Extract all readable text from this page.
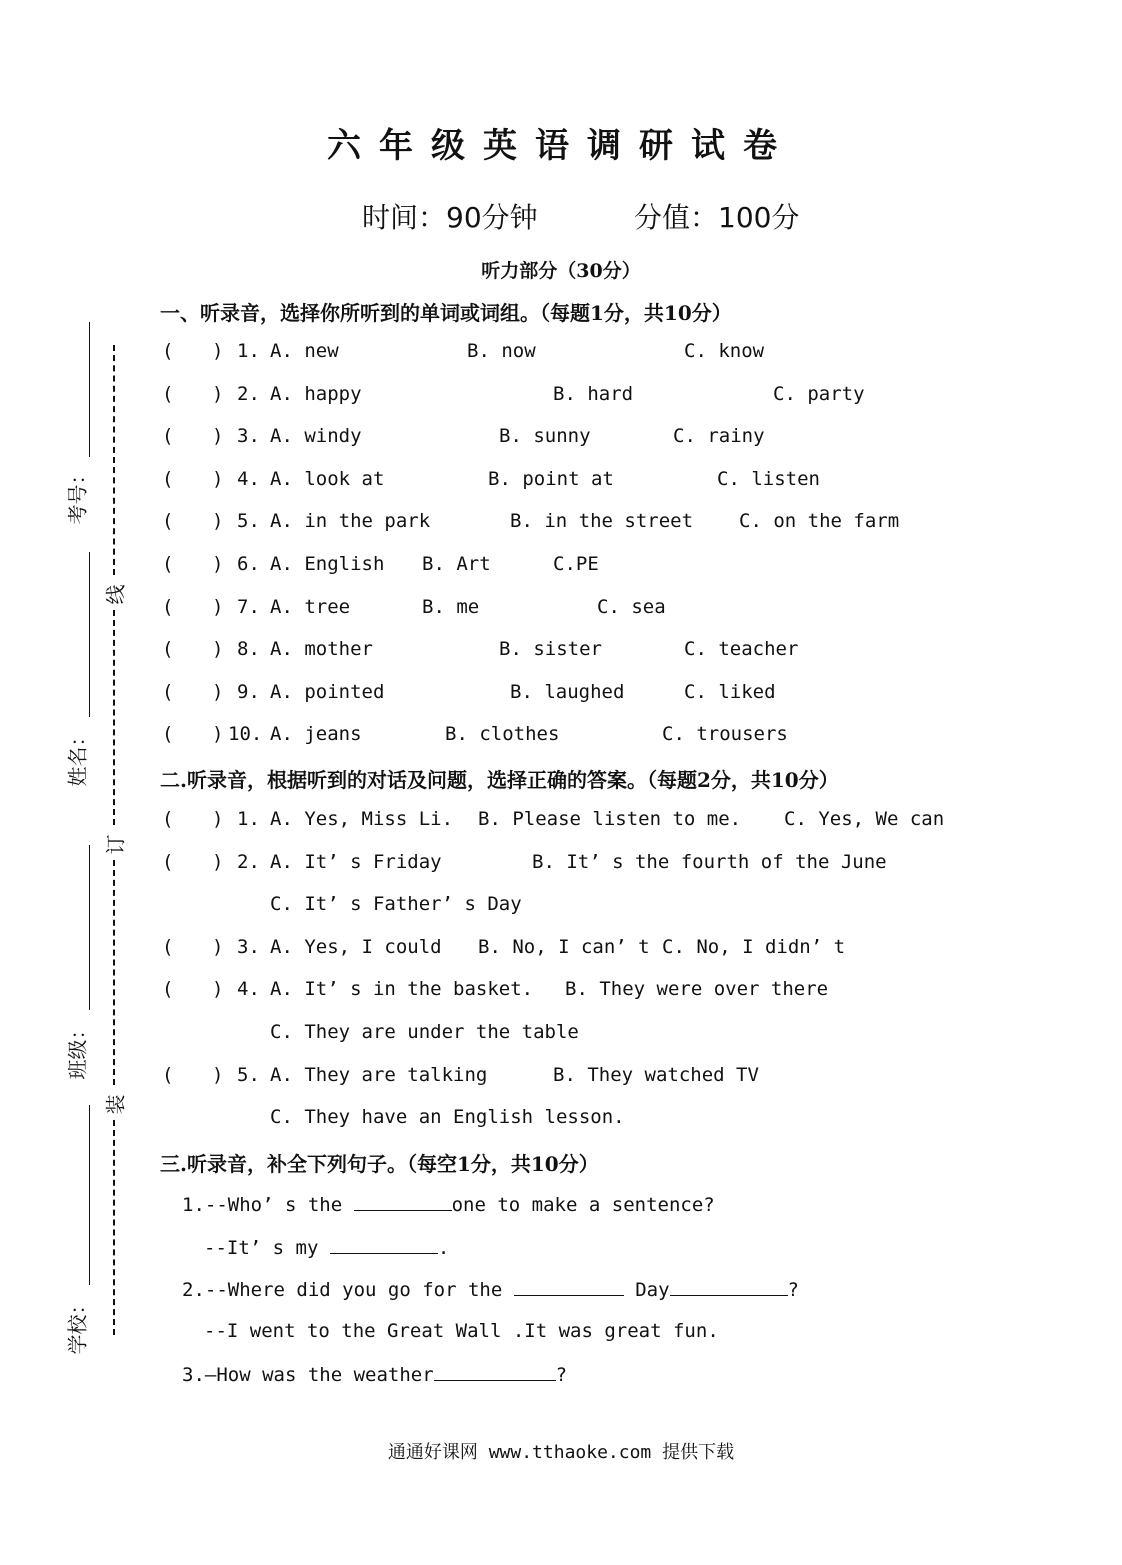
六年级英语调研试卷
时间：90分钟	分值：100分
听力部分（30分）
一、听录音，选择你所听到的单词或词组。（每题1分，共10分）
( ) 1. A. new	B. now	C. know
( ) 2. A. happy	B. hard	C. party
( ) 3. A. windy	B. sunny	C. rainy
( ) 4. A. look at	B. point at	C. listen
( ) 5. A. in the park	B. in the street C. on the farm
( ) 6. A. English B. Art	C.PE
( ) 7. A. tree	B. me	C. sea
( ) 8. A. mother	B. sister	C. teacher
( ) 9. A. pointed	B. laughed	C. liked
( ) 10. A. jeans	B. clothes	C. trousers
二.听录音，根据听到的对话及问题，选择正确的答案。（每题2分，共10分）
( ) 1. A. Yes, Miss Li. B. Please listen to me. C. Yes, We can
( ) 2. A. It’ s Friday	B. It’ s the fourth of the June
C. It’ s Father’ s Day
( ) 3. A. Yes, I could B. No, I can’ t C. No, I didn’ t
( ) 4. A. It’ s in the basket. B. They were over there
C. They are under the table
( ) 5. A. They are talking	B. They watched TV
C. They have an English lesson.
三.听录音，补全下列句子。（每空1分，共10分）
1.--Who’ s the	one to make a sentence?
--It’ s my	.
2.--Where did you go for the	Day	?
--I went to the Great Wall .It was great fun.
3.—How was the weather	?
考号：
姓名：
班级：
学校：
线
订
装
通通好课网 www.tthaoke.com 提供下载
